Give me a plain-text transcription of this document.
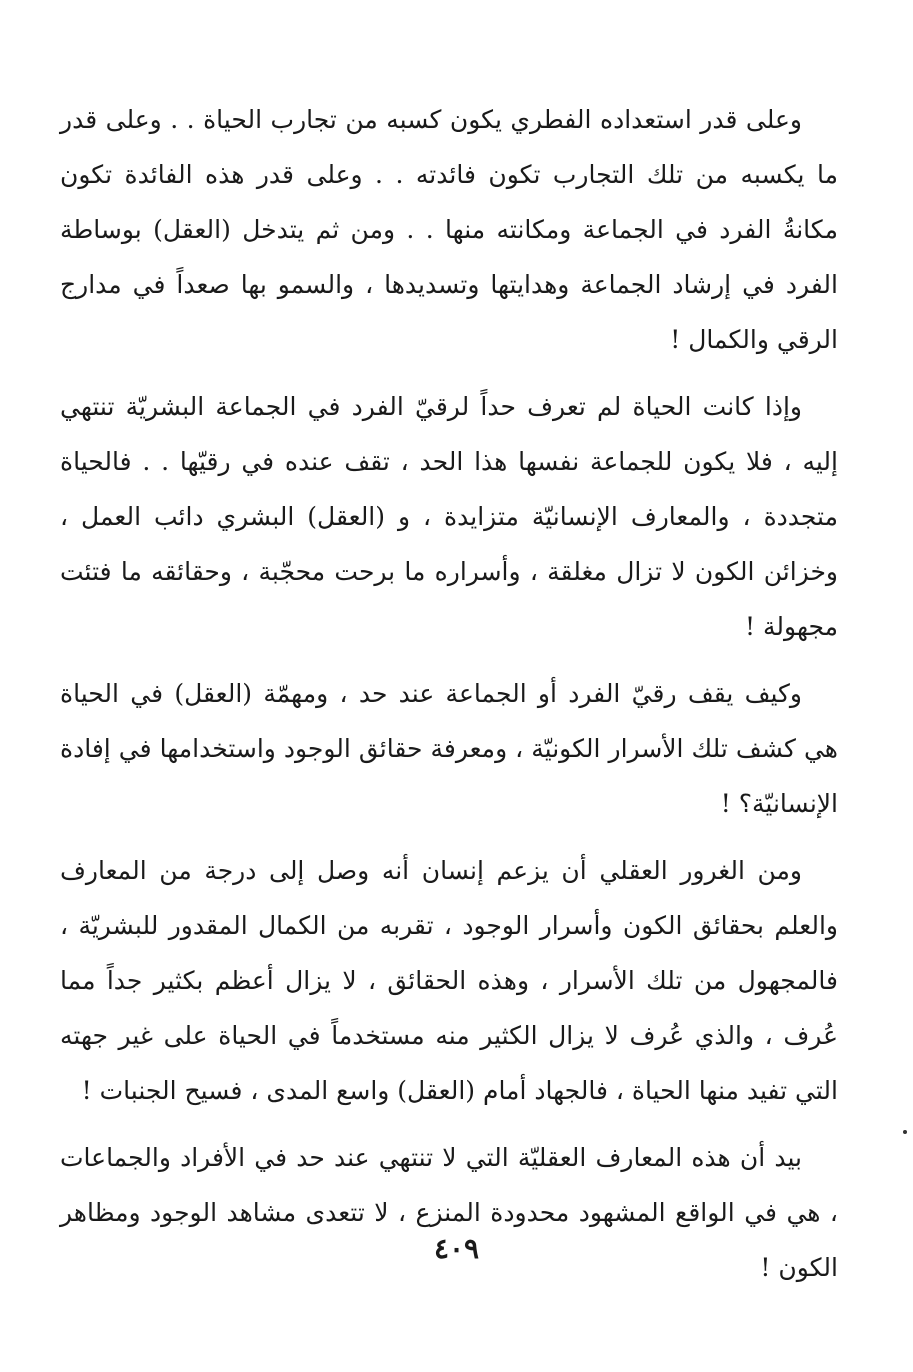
وعلى قدر استعداده الفطري يكون كسبه من تجارب الحياة . . وعلى قدر ما يكسبه من تلك التجارب تكون فائدته . . وعلى قدر هذه الفائدة تكون مكانةُ الفرد في الجماعة ومكانته منها . . ومن ثم يتدخل (العقل) بوساطة الفرد في إرشاد الجماعة وهدايتها وتسديدها ، والسمو بها صعداً في مدارج الرقي والكمال !

وإذا كانت الحياة لم تعرف حداً لرقيّ الفرد في الجماعة البشريّة تنتهي إليه ، فلا يكون للجماعة نفسها هذا الحد ، تقف عنده في رقيّها . . فالحياة متجددة ، والمعارف الإنسانيّة متزايدة ، و (العقل) البشري دائب العمل ، وخزائن الكون لا تزال مغلقة ، وأسراره ما برحت محجّبة ، وحقائقه ما فتئت مجهولة !

وكيف يقف رقيّ الفرد أو الجماعة عند حد ، ومهمّة (العقل) في الحياة هي كشف تلك الأسرار الكونيّة ، ومعرفة حقائق الوجود واستخدامها في إفادة الإنسانيّة؟ !

ومن الغرور العقلي أن يزعم إنسان أنه وصل إلى درجة من المعارف والعلم بحقائق الكون وأسرار الوجود ، تقربه من الكمال المقدور للبشريّة ، فالمجهول من تلك الأسرار ، وهذه الحقائق ، لا يزال أعظم بكثير جداً مما عُرف ، والذي عُرف لا يزال الكثير منه مستخدماً في الحياة على غير جهته التي تفيد منها الحياة ، فالجهاد أمام (العقل) واسع المدى ، فسيح الجنبات !

بيد أن هذه المعارف العقليّة التي لا تنتهي عند حد في الأفراد والجماعات ، هي في الواقع المشهود محدودة المنزع ، لا تتعدى مشاهد الوجود ومظاهر الكون !

٤٠٩
